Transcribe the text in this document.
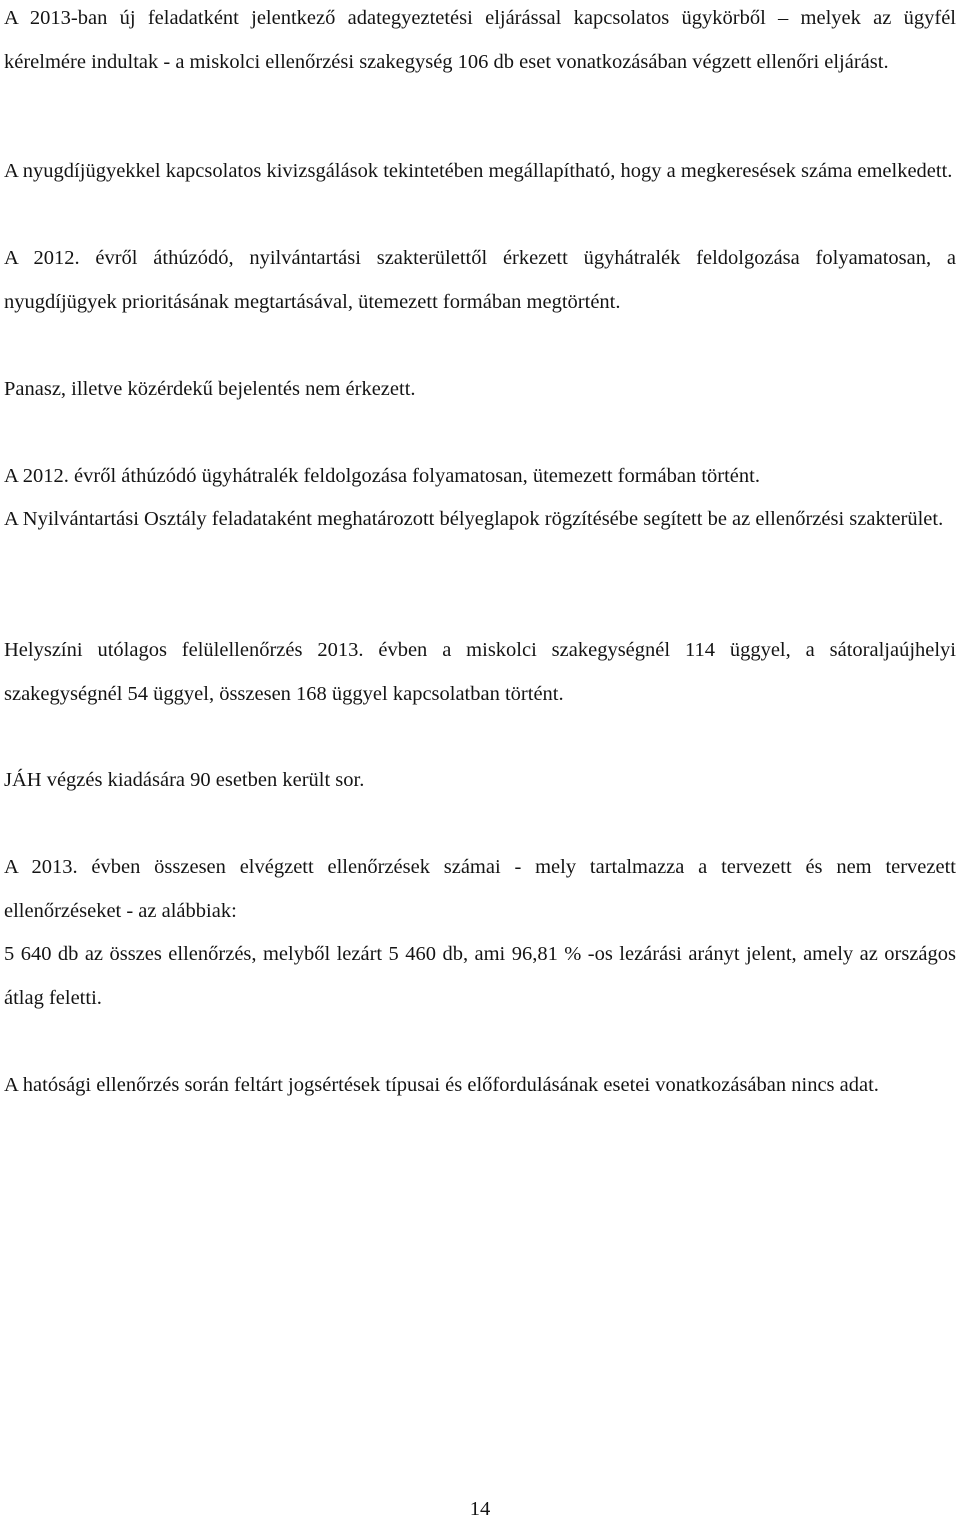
A 2013-ban új feladatként jelentkező adategyeztetési eljárással kapcsolatos ügykörből – melyek az ügyfél kérelmére indultak - a miskolci ellenőrzési szakegység 106 db eset vonatkozásában végzett ellenőri eljárást.

A nyugdíjügyekkel kapcsolatos kivizsgálások tekintetében megállapítható, hogy a megkeresések száma emelkedett.

A 2012. évről áthúzódó, nyilvántartási szakterülettől érkezett ügyhátralék feldolgozása folyamatosan, a nyugdíjügyek prioritásának megtartásával, ütemezett formában megtörtént.

Panasz, illetve közérdekű bejelentés nem érkezett.

A 2012. évről áthúzódó ügyhátralék feldolgozása folyamatosan, ütemezett formában történt.

A Nyilvántartási Osztály feladataként meghatározott bélyeglapok rögzítésébe segített be az ellenőrzési szakterület.

Helyszíni utólagos felülellenőrzés 2013. évben a miskolci szakegységnél 114 üggyel, a sátoraljaújhelyi szakegységnél 54 üggyel, összesen 168 üggyel kapcsolatban történt.

JÁH végzés kiadására 90 esetben került sor.

A 2013. évben összesen elvégzett ellenőrzések számai - mely tartalmazza a tervezett és nem tervezett ellenőrzéseket - az alábbiak:

5 640 db az összes ellenőrzés, melyből lezárt 5 460 db, ami 96,81 % -os lezárási arányt jelent, amely az országos átlag feletti.

A hatósági ellenőrzés során feltárt jogsértések típusai és előfordulásának esetei vonatkozásában nincs adat.

14
